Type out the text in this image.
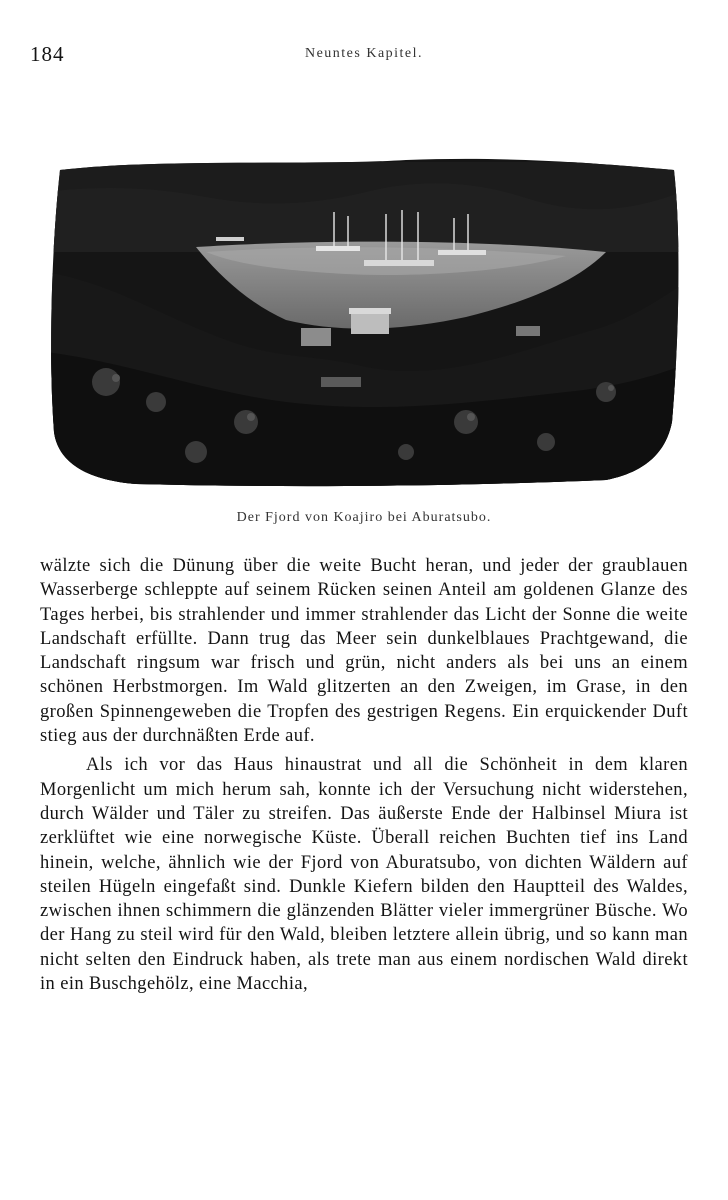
184	Neuntes Kapitel.
Der Fjord von Koajiro bei Aburatsubo.

wälzte sich die Dünung über die weite Bucht heran, und jeder der graublauen Wasserberge schleppte auf seinem Rücken seinen Anteil am goldenen Glanze des Tages herbei, bis strahlender und immer strahlender das Licht der Sonne die weite Landschaft erfüllte. Dann trug das Meer sein dunkelblaues Prachtgewand, die Landschaft ringsum war frisch und grün, nicht anders als bei uns an einem schönen Herbstmorgen. Im Wald glitzerten an den Zweigen, im Grase, in den großen Spinnengeweben die Tropfen des gestrigen Regens. Ein erquickender Duft stieg aus der durchnäßten Erde auf.

Als ich vor das Haus hinaustrat und all die Schönheit in dem klaren Morgenlicht um mich herum sah, konnte ich der Versuchung nicht widerstehen, durch Wälder und Täler zu streifen. Das äußerste Ende der Halbinsel Miura ist zerklüftet wie eine norwegische Küste. Überall reichen Buchten tief ins Land hinein, welche, ähnlich wie der Fjord von Aburatsubo, von dichten Wäldern auf steilen Hügeln eingefaßt sind. Dunkle Kiefern bilden den Hauptteil des Waldes, zwischen ihnen schimmern die glänzenden Blätter vieler immergrüner Büsche. Wo der Hang zu steil wird für den Wald, bleiben letztere allein übrig, und so kann man nicht selten den Eindruck haben, als trete man aus einem nordischen Wald direkt in ein Buschgehölz, eine Macchia,
